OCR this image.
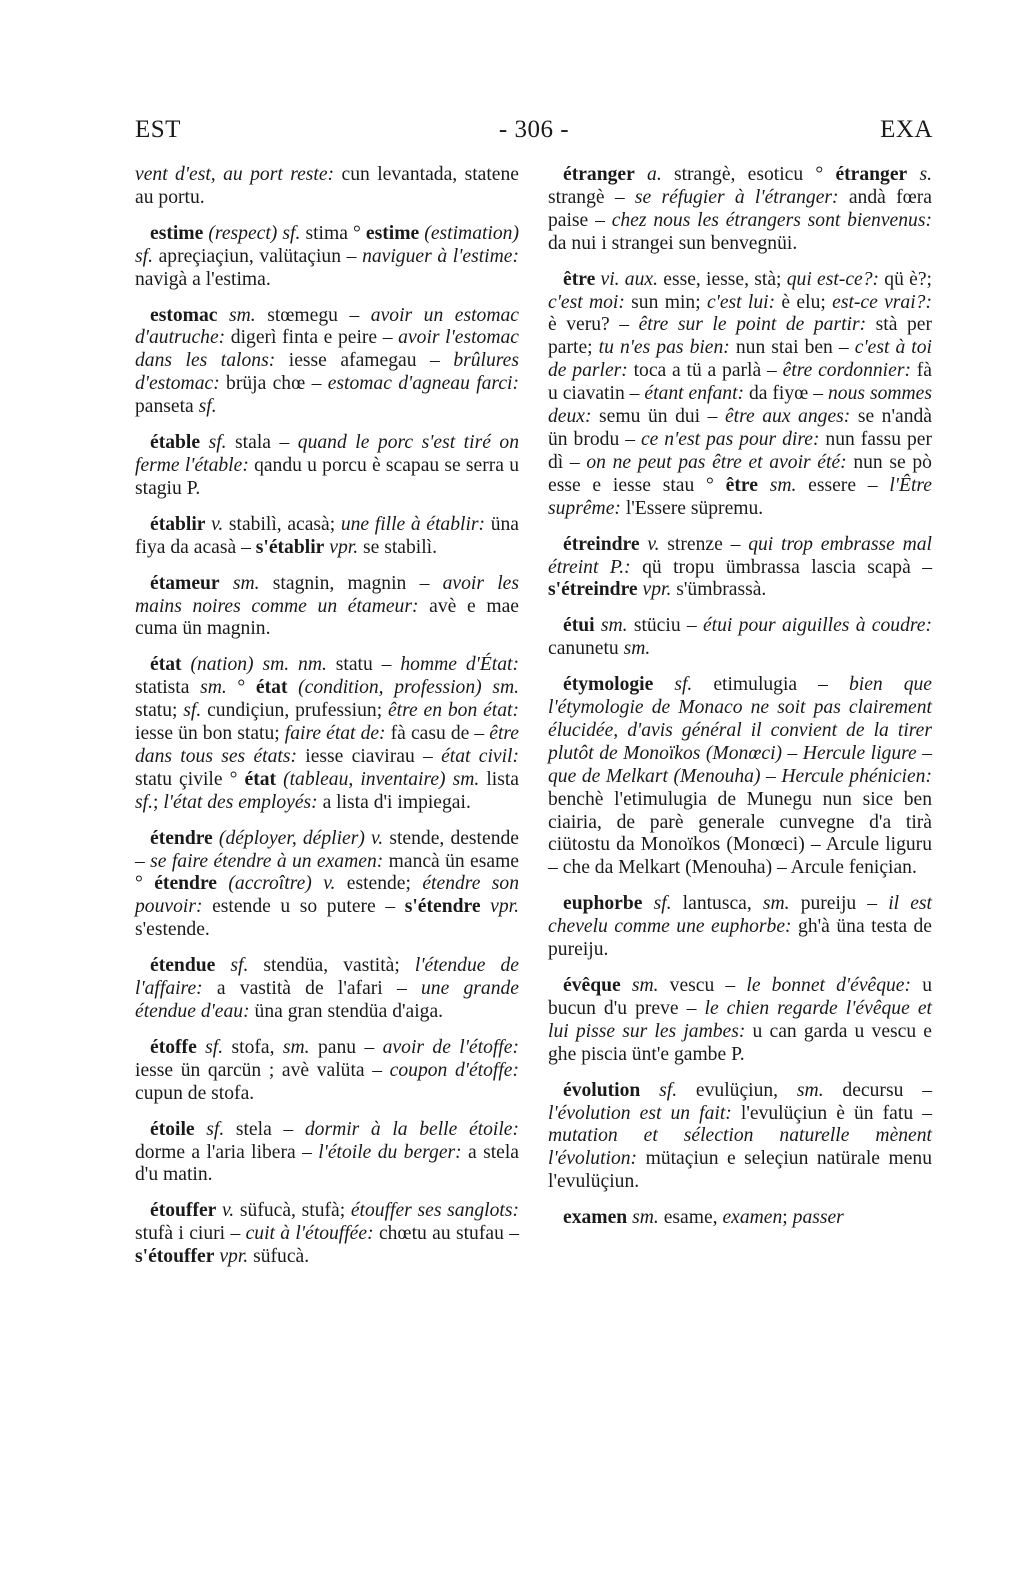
EST	- 306 -	EXA

vent d'est, au port reste: cun levantada, statene au portu.

estime (respect) sf. stima ° estime (estimation) sf. apreçiaçiun, valütaçiun – naviguer à l'estime: navigà a l'estima.

estomac sm. stœmegu – avoir un estomac d'autruche: digerì finta e peire – avoir l'estomac dans les talons: iesse afamegau – brûlures d'estomac: brüja chœ – estomac d'agneau farci: panseta sf.

étable sf. stala – quand le porc s'est tiré on ferme l'étable: qandu u porcu è scapau se serra u stagiu P.

établir v. stabilì, acasà; une fille à établir: üna fiya da acasà – s'établir vpr. se stabilì.

étameur sm. stagnin, magnin – avoir les mains noires comme un étameur: avè e mae cuma ün magnin.

état (nation) sm. nm. statu – homme d'État: statista sm. ° état (condition, profession) sm. statu; sf. cundiçiun, prufessiun; être en bon état: iesse ün bon statu; faire état de: fà casu de – être dans tous ses états: iesse ciavirau – état civil: statu çivile ° état (tableau, inventaire) sm. lista sf.; l'état des employés: a lista d'i impiegai.

étendre (déployer, déplier) v. stende, destende – se faire étendre à un examen: mancà ün esame ° étendre (accroître) v. estende; étendre son pouvoir: estende u so putere – s'étendre vpr. s'estende.

étendue sf. stendüa, vastità; l'étendue de l'affaire: a vastità de l'afari – une grande étendue d'eau: üna gran stendüa d'aiga.

étoffe sf. stofa, sm. panu – avoir de l'étoffe: iesse ün qarcün ; avè valüta – coupon d'étoffe: cupun de stofa.

étoile sf. stela – dormir à la belle étoile: dorme a l'aria libera – l'étoile du berger: a stela d'u matin.

étouffer v. süfucà, stufà; étouffer ses sanglots: stufà i ciuri – cuit à l'étouffée: chœtu au stufau – s'étouffer vpr. süfucà.

étranger a. strangè, esoticu ° étranger s. strangè – se réfugier à l'étranger: andà fœra paise – chez nous les étrangers sont bienvenus: da nui i strangei sun benvegnüi.

être vi. aux. esse, iesse, stà; qui est-ce?: qü è?; c'est moi: sun min; c'est lui: è elu; est-ce vrai?: è veru? – être sur le point de partir: stà per parte; tu n'es pas bien: nun stai ben – c'est à toi de parler: toca a tü a parlà – être cordonnier: fà u ciavatin – étant enfant: da fiyœ – nous sommes deux: semu ün dui – être aux anges: se n'andà ün brodu – ce n'est pas pour dire: nun fassu per dì – on ne peut pas être et avoir été: nun se pò esse e iesse stau ° être sm. essere – l'Être suprême: l'Essere süpremu.

étreindre v. strenze – qui trop embrasse mal étreint P.: qü tropu ümbrassa lascia scapà – s'étreindre vpr. s'ümbrassà.

étui sm. stüciu – étui pour aiguilles à coudre: canunetu sm.

étymologie sf. etimulugia – bien que l'étymologie de Monaco ne soit pas clairement élucidée, d'avis général il convient de la tirer plutôt de Monoïkos (Monœci) – Hercule ligure – que de Melkart (Menouha) – Hercule phénicien: benchè l'etimulugia de Munegu nun sice ben ciairia, de parè generale cunvegne d'a tirà ciütostu da Monoïkos (Monœci) – Arcule liguru – che da Melkart (Menouha) – Arcule feniçian.

euphorbe sf. lantusca, sm. pureiju – il est chevelu comme une euphorbe: gh'à üna testa de pureiju.

évêque sm. vescu – le bonnet d'évêque: u bucun d'u preve – le chien regarde l'évêque et lui pisse sur les jambes: u can garda u vescu e ghe piscia ünt'e gambe P.

évolution sf. evulüçiun, sm. decursu – l'évolution est un fait: l'evulüçiun è ün fatu – mutation et sélection naturelle mènent l'évolution: mütaçiun e seleçiun natürale menu l'evulüçiun.

examen sm. esame, examen; passer
